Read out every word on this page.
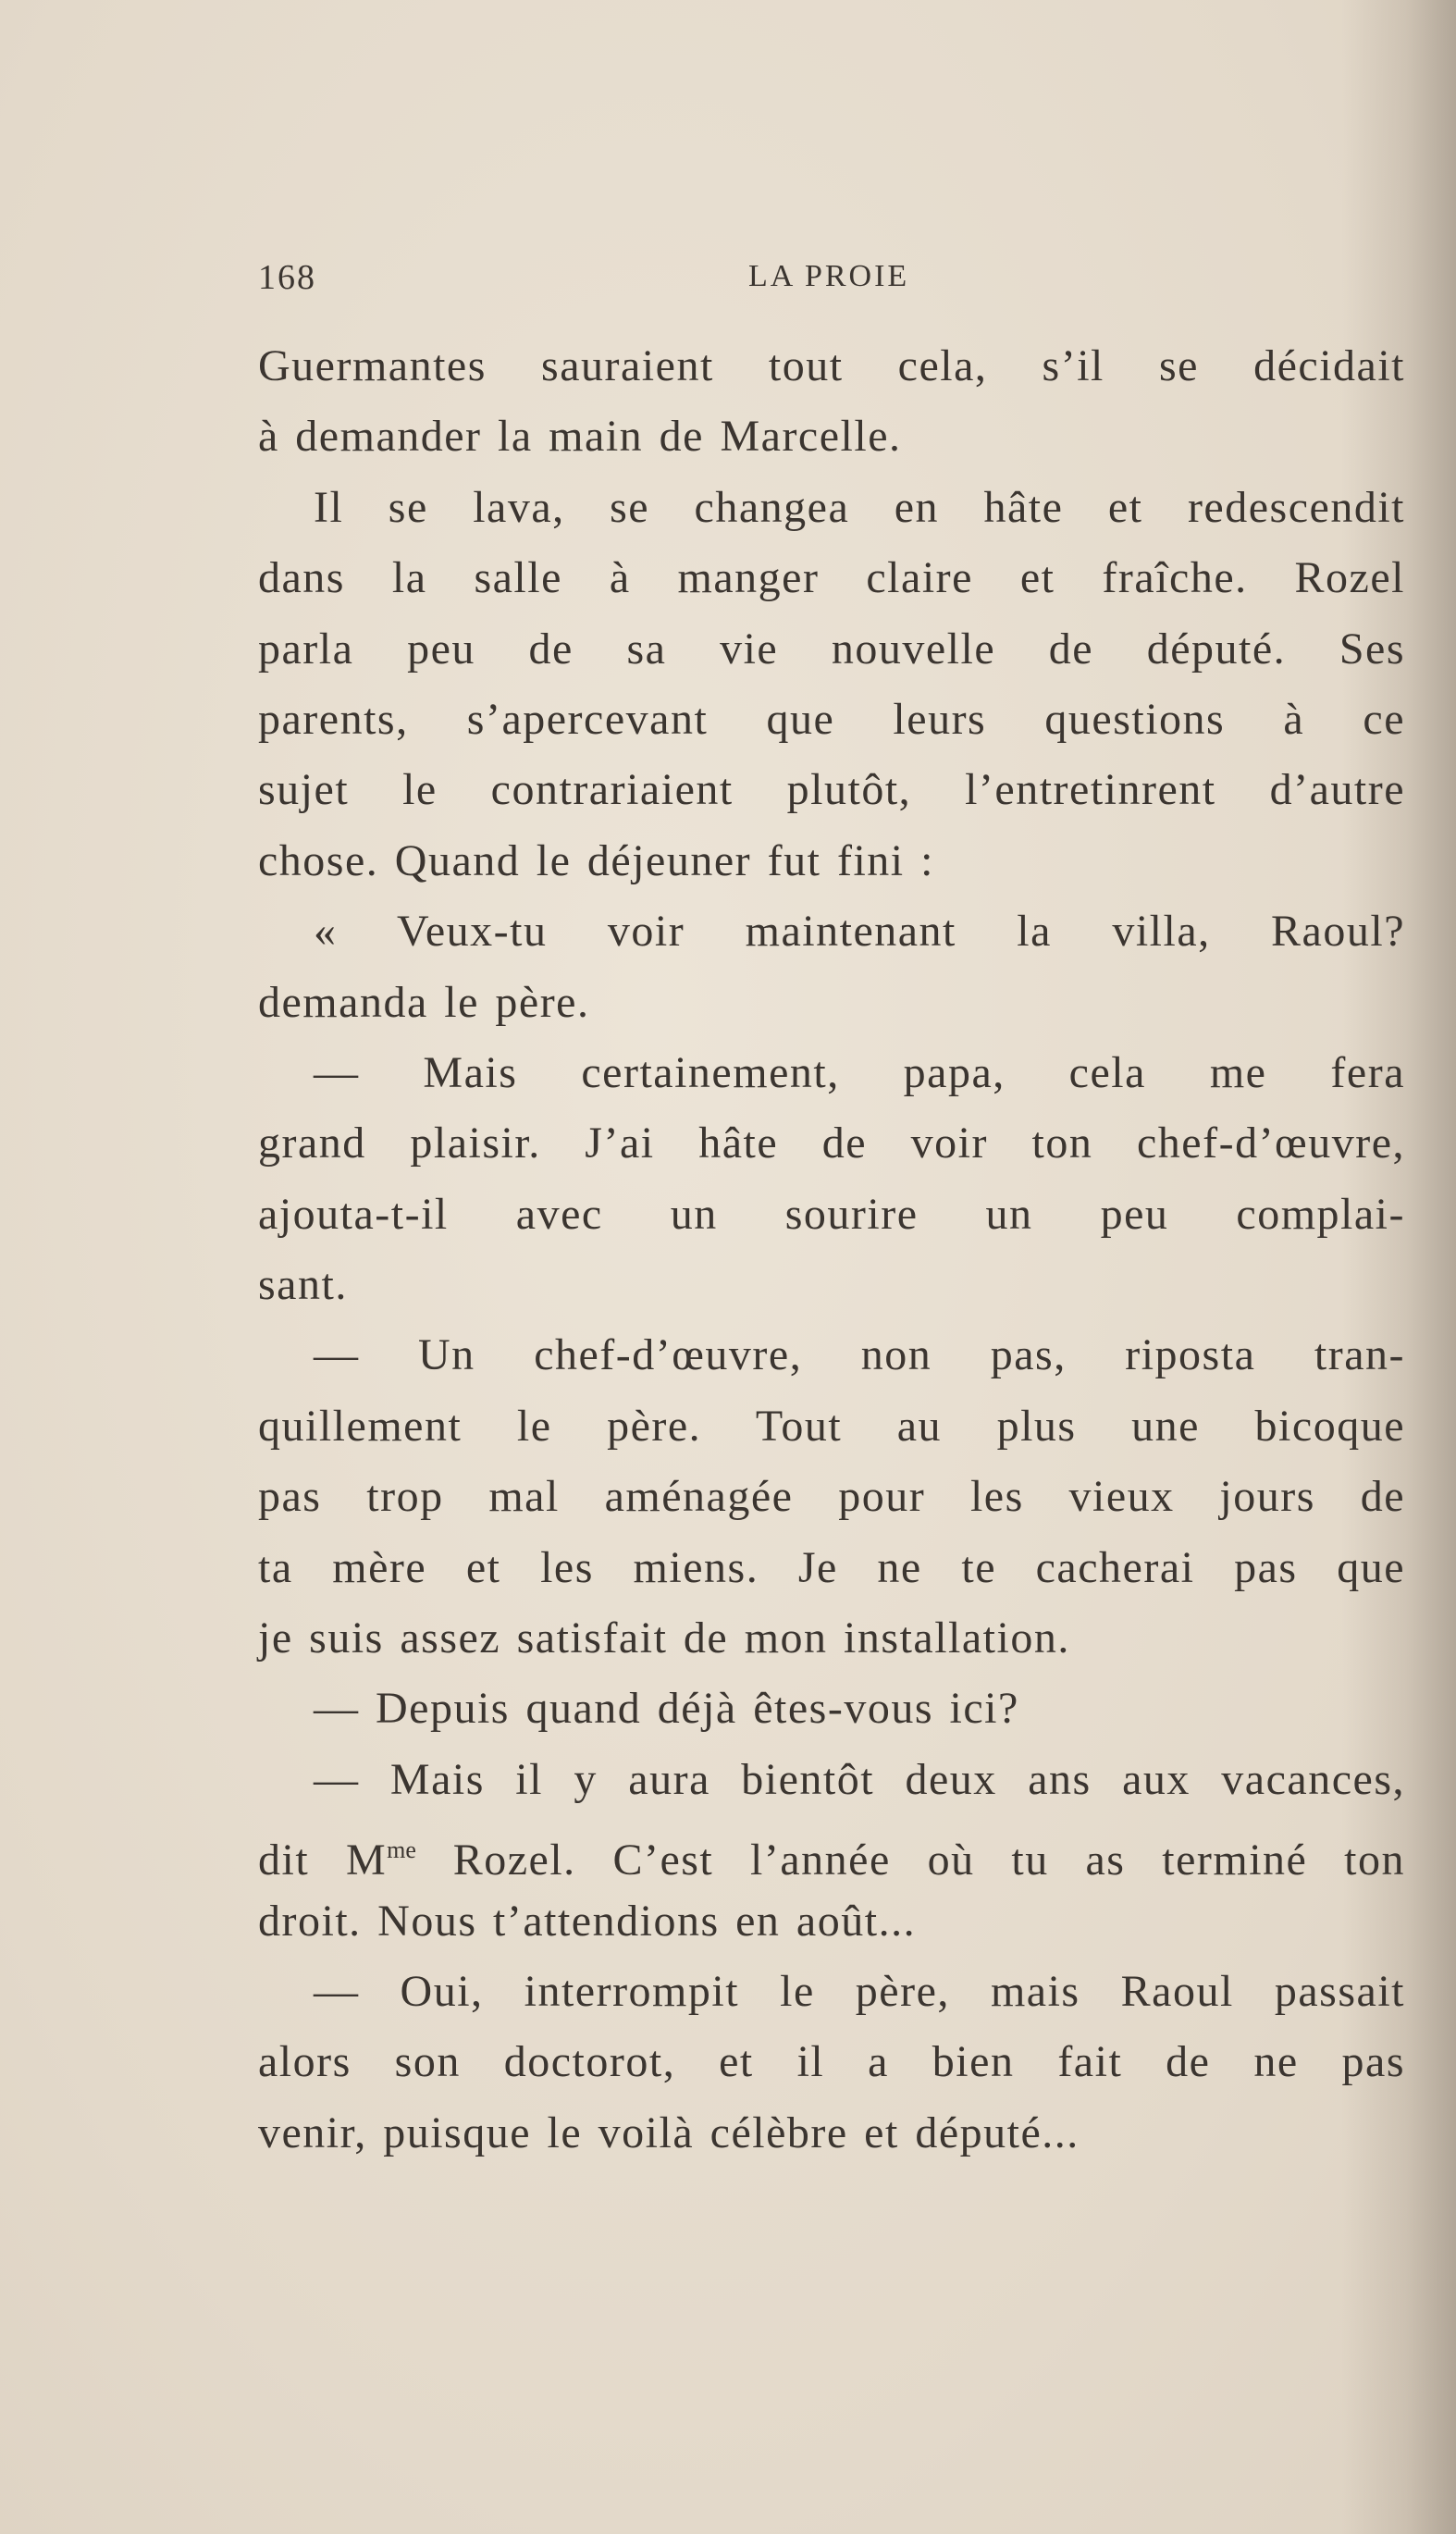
168	LA PROIE
Guermantes sauraient tout cela, s’il se décidait
à demander la main de Marcelle.
Il se lava, se changea en hâte et redescendit
dans la salle à manger claire et fraîche. Rozel
parla peu de sa vie nouvelle de député. Ses
parents, s’apercevant que leurs questions à ce
sujet le contrariaient plutôt, l’entretinrent d’autre
chose. Quand le déjeuner fut fini :
« Veux-tu voir maintenant la villa, Raoul?
demanda le père.
— Mais certainement, papa, cela me fera
grand plaisir. J’ai hâte de voir ton chef-d’œuvre,
ajouta-t-il avec un sourire un peu complai-
sant.
— Un chef-d’œuvre, non pas, riposta tran-
quillement le père. Tout au plus une bicoque
pas trop mal aménagée pour les vieux jours de
ta mère et les miens. Je ne te cacherai pas que
je suis assez satisfait de mon installation.
— Depuis quand déjà êtes-vous ici?
— Mais il y aura bientôt deux ans aux vacances,
dit $M^{me}$ Rozel. C’est l’année où tu as terminé ton
droit. Nous t’attendions en août...
— Oui, interrompit le père, mais Raoul passait
alors son doctorot, et il a bien fait de ne pas
venir, puisque le voilà célèbre et député...
